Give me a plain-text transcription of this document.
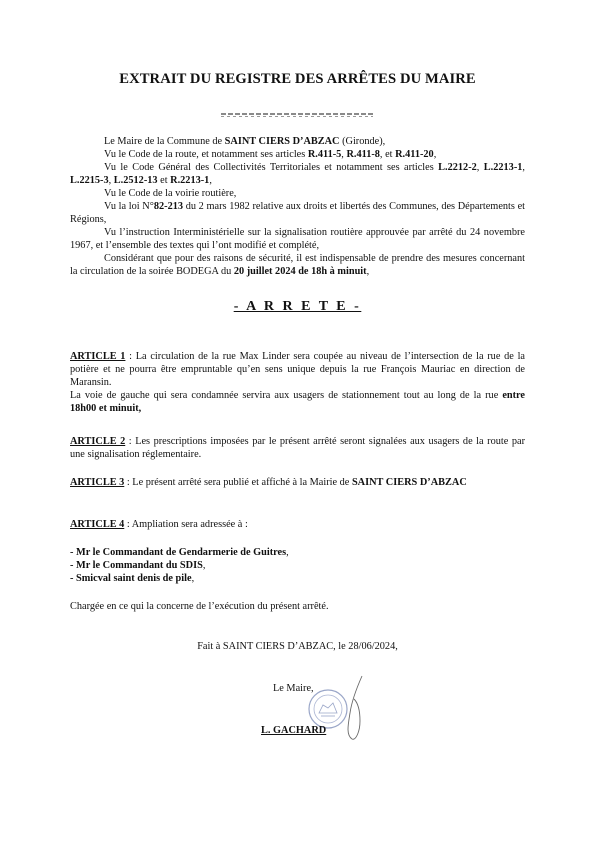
EXTRAIT DU REGISTRE DES ARRÊTES DU MAIRE

Le Maire de la Commune de SAINT CIERS D’ABZAC (Gironde),

Vu le Code de la route, et notamment ses articles R.411-5, R.411-8, et R.411-20,

Vu le Code Général des Collectivités Territoriales et notamment ses articles L.2212-2, L.2213-1, L.2215-3, L.2512-13 et R.2213-1,

Vu le Code de la voirie routière,

Vu la loi N°82-213 du 2 mars 1982 relative aux droits et libertés des Communes, des Départements et Régions,

Vu l’instruction Interministérielle sur la signalisation routière approuvée par arrêté du 24 novembre 1967, et l’ensemble des textes qui l’ont modifié et complété,

Considérant que pour des raisons de sécurité, il est indispensable de prendre des mesures concernant la circulation de la soirée BODEGA du 20 juillet 2024 de 18h à minuit,

- A R R E T E -

ARTICLE 1 : La circulation de la rue Max Linder sera coupée au niveau de l’intersection de la rue de la potière et ne pourra être empruntable qu’en sens unique depuis la rue François Mauriac en direction de Maransin.

La voie de gauche qui sera condamnée servira aux usagers de stationnement tout au long de la rue entre 18h00 et minuit,

ARTICLE 2 : Les prescriptions imposées par le présent arrêté seront signalées aux usagers de la route par une signalisation réglementaire.

ARTICLE 3 : Le présent arrêté sera publié et affiché à la Mairie de SAINT CIERS D’ABZAC

ARTICLE 4 : Ampliation sera adressée à :

- Mr le Commandant de Gendarmerie de Guitres,

- Mr le Commandant du SDIS,

- Smicval saint denis de pile,

Chargée en ce qui la concerne de l’exécution du présent arrêté.

Fait à SAINT CIERS D’ABZAC, le 28/06/2024,
Le Maire,
L. GACHARD
